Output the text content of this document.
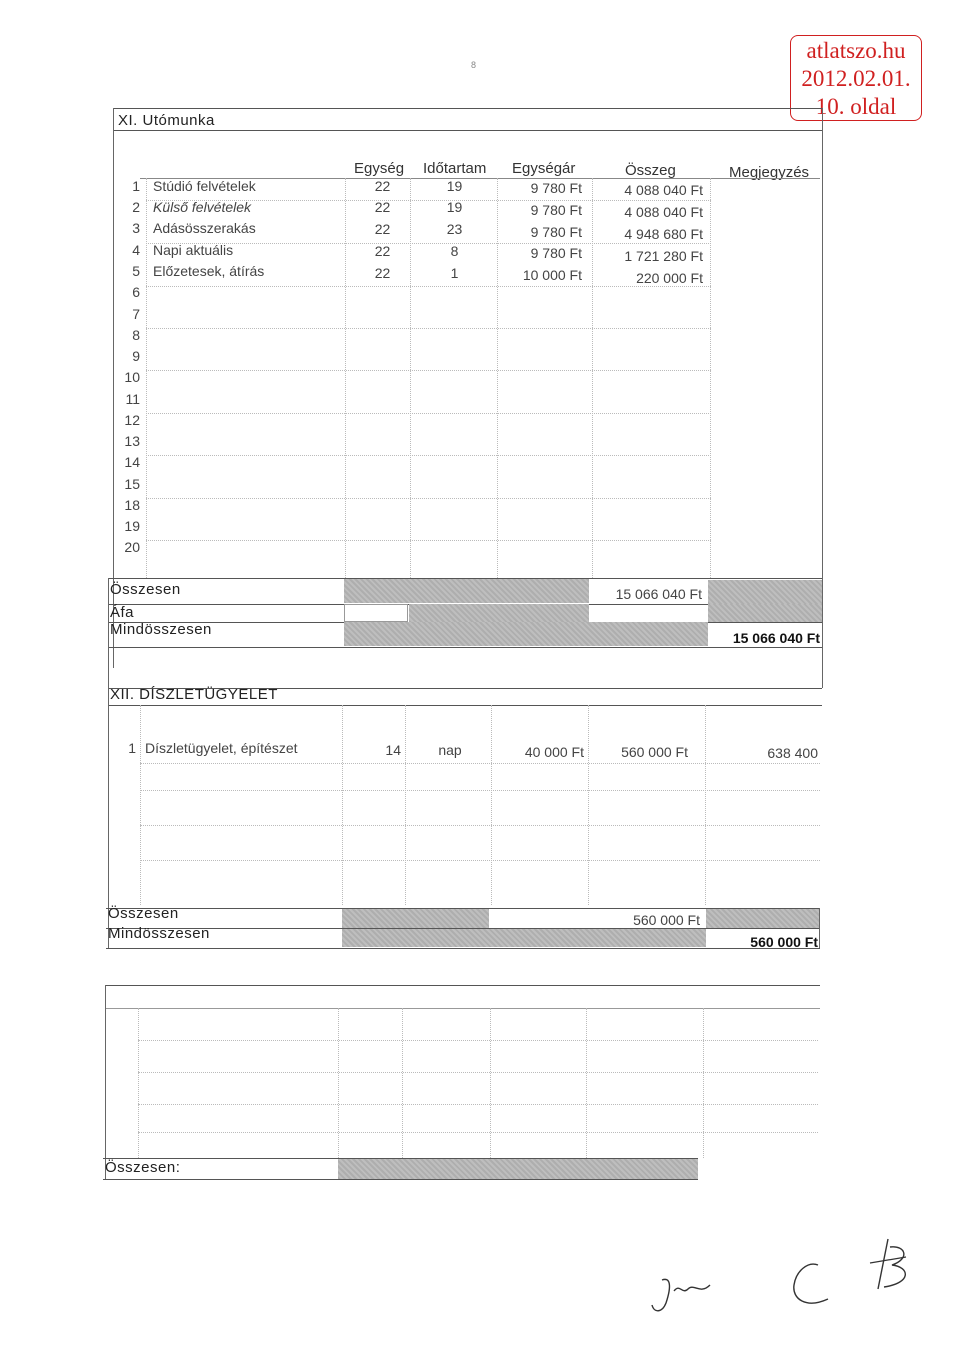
atlatszo.hu
2012.02.01.
10. oldal
8
XI. Utómunka
Egység Időtartam Egységár	Összeg	Megjegyzés
1 Stúdió felvételek	22	19	9 780 Ft	4 088 040 Ft
2 Külső felvételek	22	19	9 780 Ft	4 088 040 Ft
3 Adásösszerakás	22	23	9 780 Ft	4 948 680 Ft
4 Napi aktuális	22	8	9 780 Ft	1 721 280 Ft
5 Előzetesek, átírás	22	1	10 000 Ft	220 000 Ft
6
7
8
9
10
11
12
13
14
15
18
19
20
Összesen	15 066 040 Ft
Áfa
Mindösszesen	15 066 040 Ft
XII. DÍSZLETÜGYELET
1 Díszletügyelet, építészet	14	nap	40 000 Ft	560 000 Ft	638 400
Összesen	560 000 Ft
Mindösszesen	560 000 Ft
Összesen:
